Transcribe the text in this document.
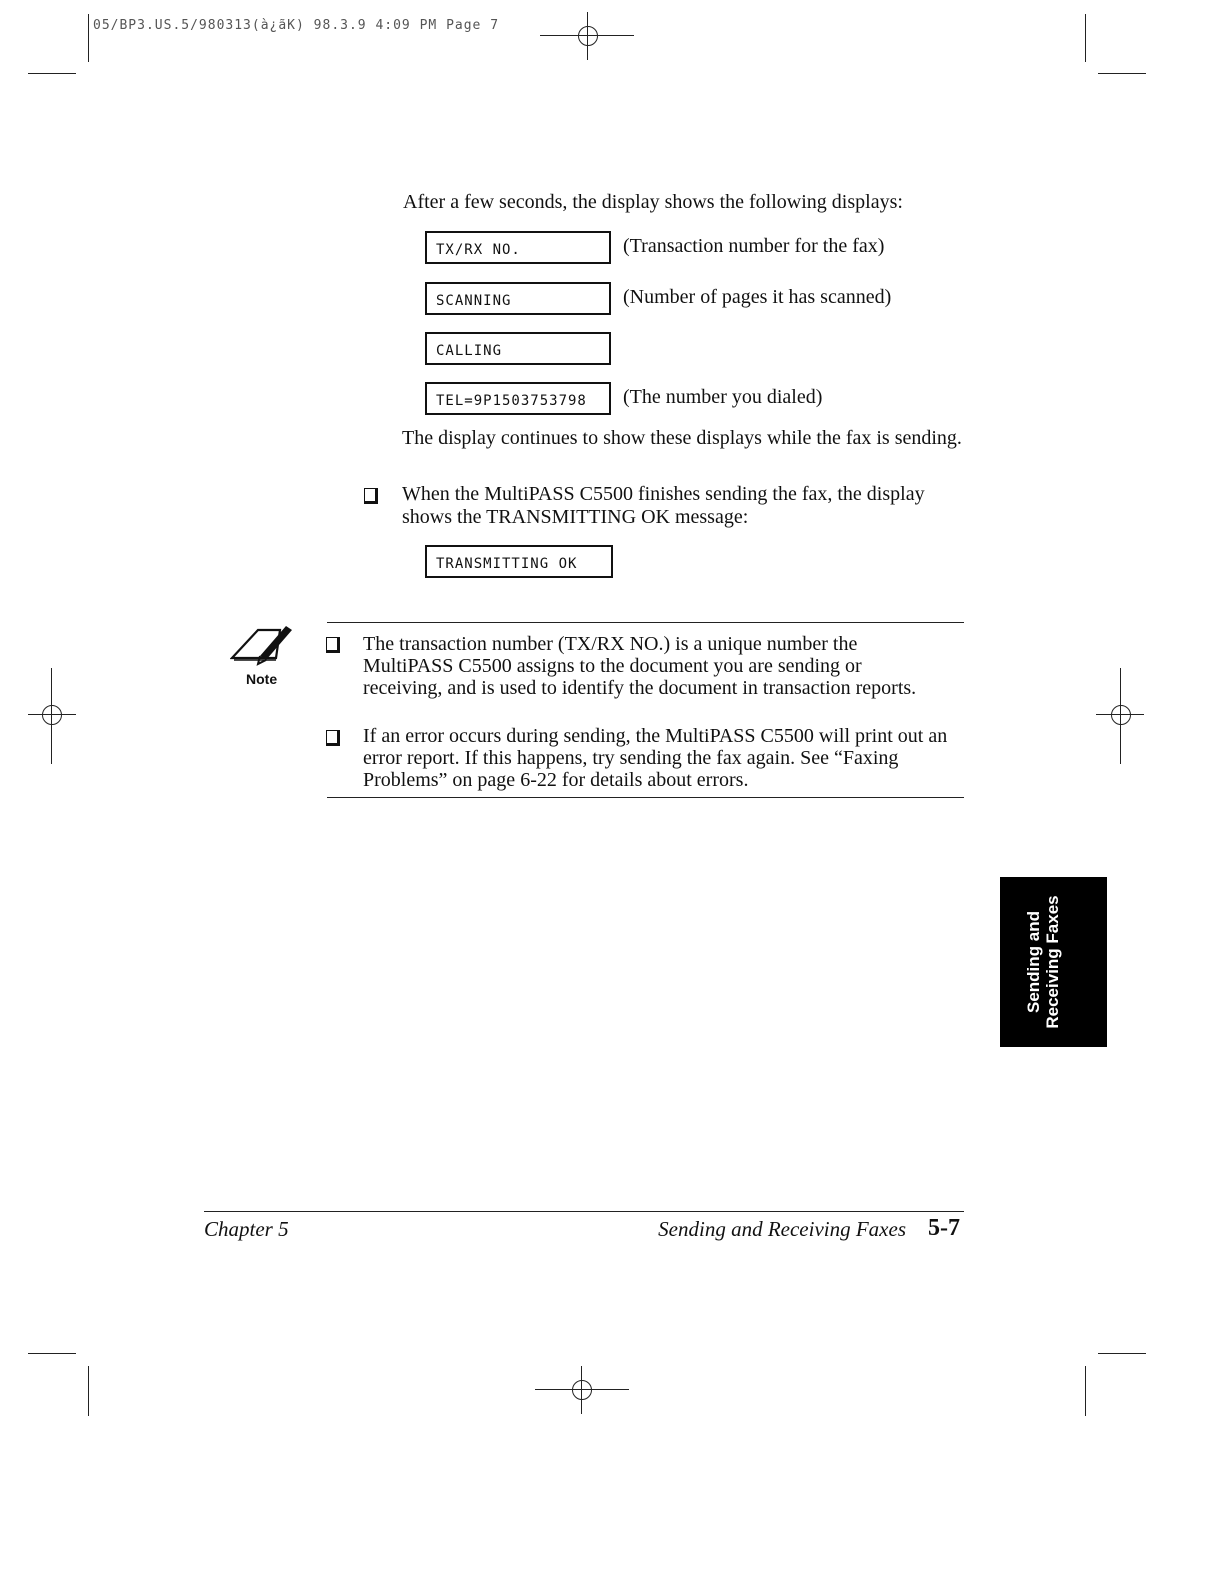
05/BP3.US.5/980313(à¿ãK) 98.3.9 4:09 PM Page 7
After a few seconds, the display shows the following displays:
TX/RX NO.	(Transaction number for the fax)
SCANNING	(Number of pages it has scanned)
CALLING
TEL=9P1503753798	(The number you dialed)
The display continues to show these displays while the fax is sending.
When the MultiPASS C5500 finishes sending the fax, the display shows the TRANSMITTING OK message:
TRANSMITTING OK
Note
The transaction number (TX/RX NO.) is a unique number the MultiPASS C5500 assigns to the document you are sending or receiving, and is used to identify the document in transaction reports.
If an error occurs during sending, the MultiPASS C5500 will print out an error report. If this happens, try sending the fax again. See “Faxing Problems” on page 6-22 for details about errors.
Sending and Receiving Faxes
Chapter 5	Sending and Receiving Faxes 5-7
